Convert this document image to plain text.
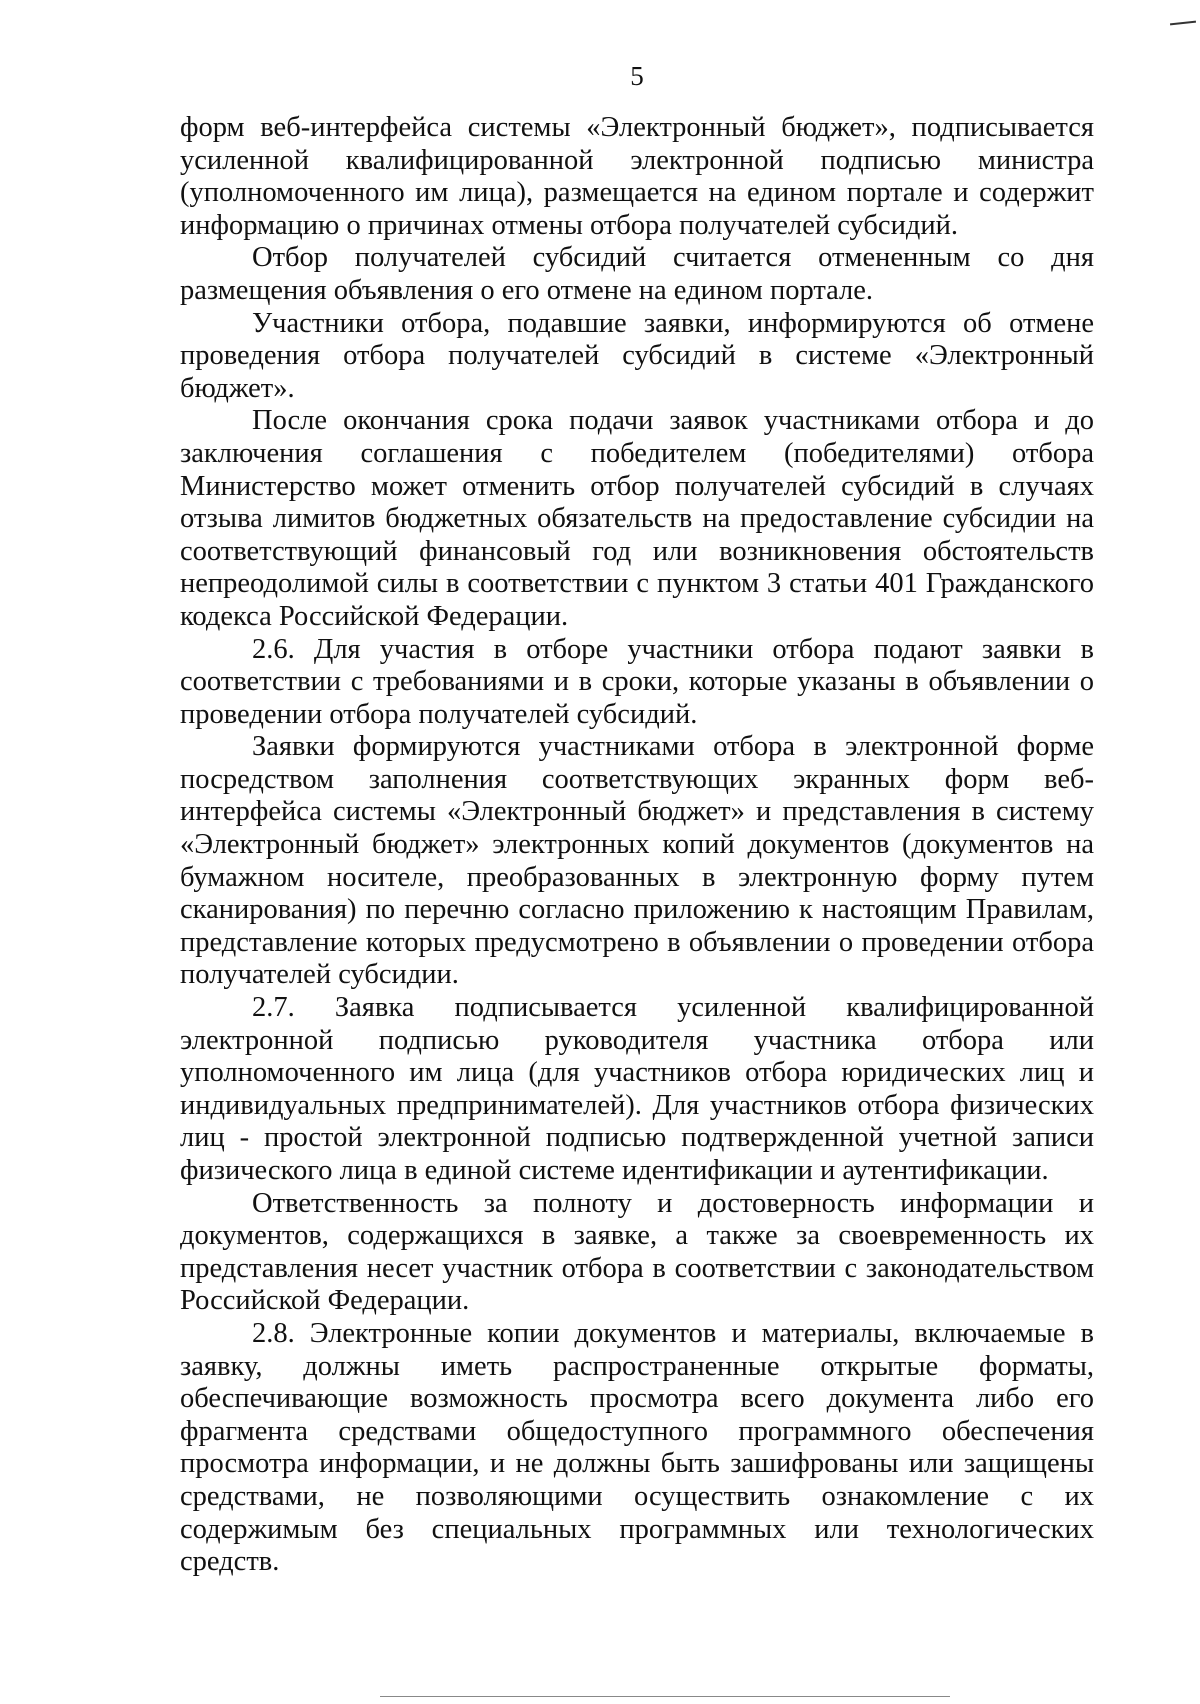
5

форм веб-интерфейса системы «Электронный бюджет», подписывается усиленной квалифицированной электронной подписью министра (уполномоченного им лица), размещается на едином портале и содержит информацию о причинах отмены отбора получателей субсидий.

Отбор получателей субсидий считается отмененным со дня размещения объявления о его отмене на едином портале.

Участники отбора, подавшие заявки, информируются об отмене проведения отбора получателей субсидий в системе «Электронный бюджет».

После окончания срока подачи заявок участниками отбора и до заключения соглашения с победителем (победителями) отбора Министерство может отменить отбор получателей субсидий в случаях отзыва лимитов бюджетных обязательств на предоставление субсидии на соответствующий финансовый год или возникновения обстоятельств непреодолимой силы в соответствии с пунктом 3 статьи 401 Гражданского кодекса Российской Федерации.

2.6. Для участия в отборе участники отбора подают заявки в соответствии с требованиями и в сроки, которые указаны в объявлении о проведении отбора получателей субсидий.

Заявки формируются участниками отбора в электронной форме посредством заполнения соответствующих экранных форм веб-интерфейса системы «Электронный бюджет» и представления в систему «Электронный бюджет» электронных копий документов (документов на бумажном носителе, преобразованных в электронную форму путем сканирования) по перечню согласно приложению к настоящим Правилам, представление которых предусмотрено в объявлении о проведении отбора получателей субсидии.

2.7. Заявка подписывается усиленной квалифицированной электронной подписью руководителя участника отбора или уполномоченного им лица (для участников отбора юридических лиц и индивидуальных предпринимателей). Для участников отбора физических лиц - простой электронной подписью подтвержденной учетной записи физического лица в единой системе идентификации и аутентификации.

Ответственность за полноту и достоверность информации и документов, содержащихся в заявке, а также за своевременность их представления несет участник отбора в соответствии с законодательством Российской Федерации.

2.8. Электронные копии документов и материалы, включаемые в заявку, должны иметь распространенные открытые форматы, обеспечивающие возможность просмотра всего документа либо его фрагмента средствами общедоступного программного обеспечения просмотра информации, и не должны быть зашифрованы или защищены средствами, не позволяющими осуществить ознакомление с их содержимым без специальных программных или технологических средств.
